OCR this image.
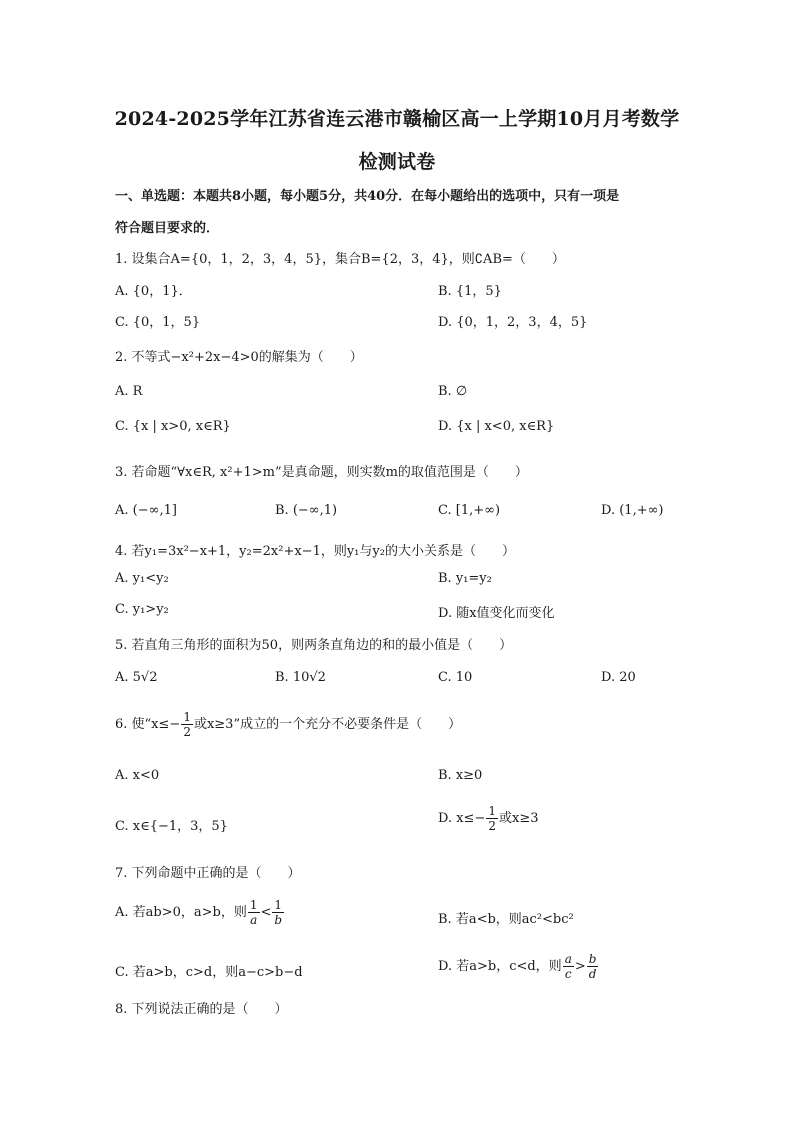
2024-2025学年江苏省连云港市赣榆区高一上学期10月月考数学
检测试卷
一、单选题：本题共8小题，每小题5分，共40分．在每小题给出的选项中，只有一项是
符合题目要求的．
1. 设集合A={0，1，2，3，4，5}，集合B={2，3，4}，则∁AB=（　　）
A. {0，1}．	B. {1，5}
C. {0，1，5}	D. {0，1，2，3，4，5}
2. 不等式−x²+2x−4>0的解集为（　　）
A. R	B. ∅
C. {x | x>0, x∈R}	D. {x | x<0, x∈R}
3. 若命题“∀x∈R, x²+1>m”是真命题，则实数m的取值范围是（　　）
A. (−∞,1]	B. (−∞,1)	C. [1,+∞)	D. (1,+∞)
4. 若y₁=3x²−x+1，y₂=2x²+x−1，则y₁与y₂的大小关系是（　　）
A. y₁<y₂	B. y₁=y₂
C. y₁>y₂	D. 随x值变化而变化
5. 若直角三角形的面积为50，则两条直角边的和的最小值是（　　）
A. 5√2	B. 10√2	C. 10	D. 20
6. 使“$x\le- \frac{1}{2}$ 或x≥3”成立的一个充分不必要条件是（　　）
A. x<0	B. x≥0
C. x∈{−1，3，5}
D. $x\le- \frac{1}{2}$ 或x≥3
7. 下列命题中正确的是（　　）
A. 若ab>0，a>b，则 $\frac{1}{a} < \frac{1}{b}$	B. 若a<b，则ac²<bc²
C. 若a>b，c>d，则a−c>b−d	D. 若a>b，c<d，则 $\frac{a}{c} > \frac{b}{d}$
8. 下列说法正确的是（　　）
